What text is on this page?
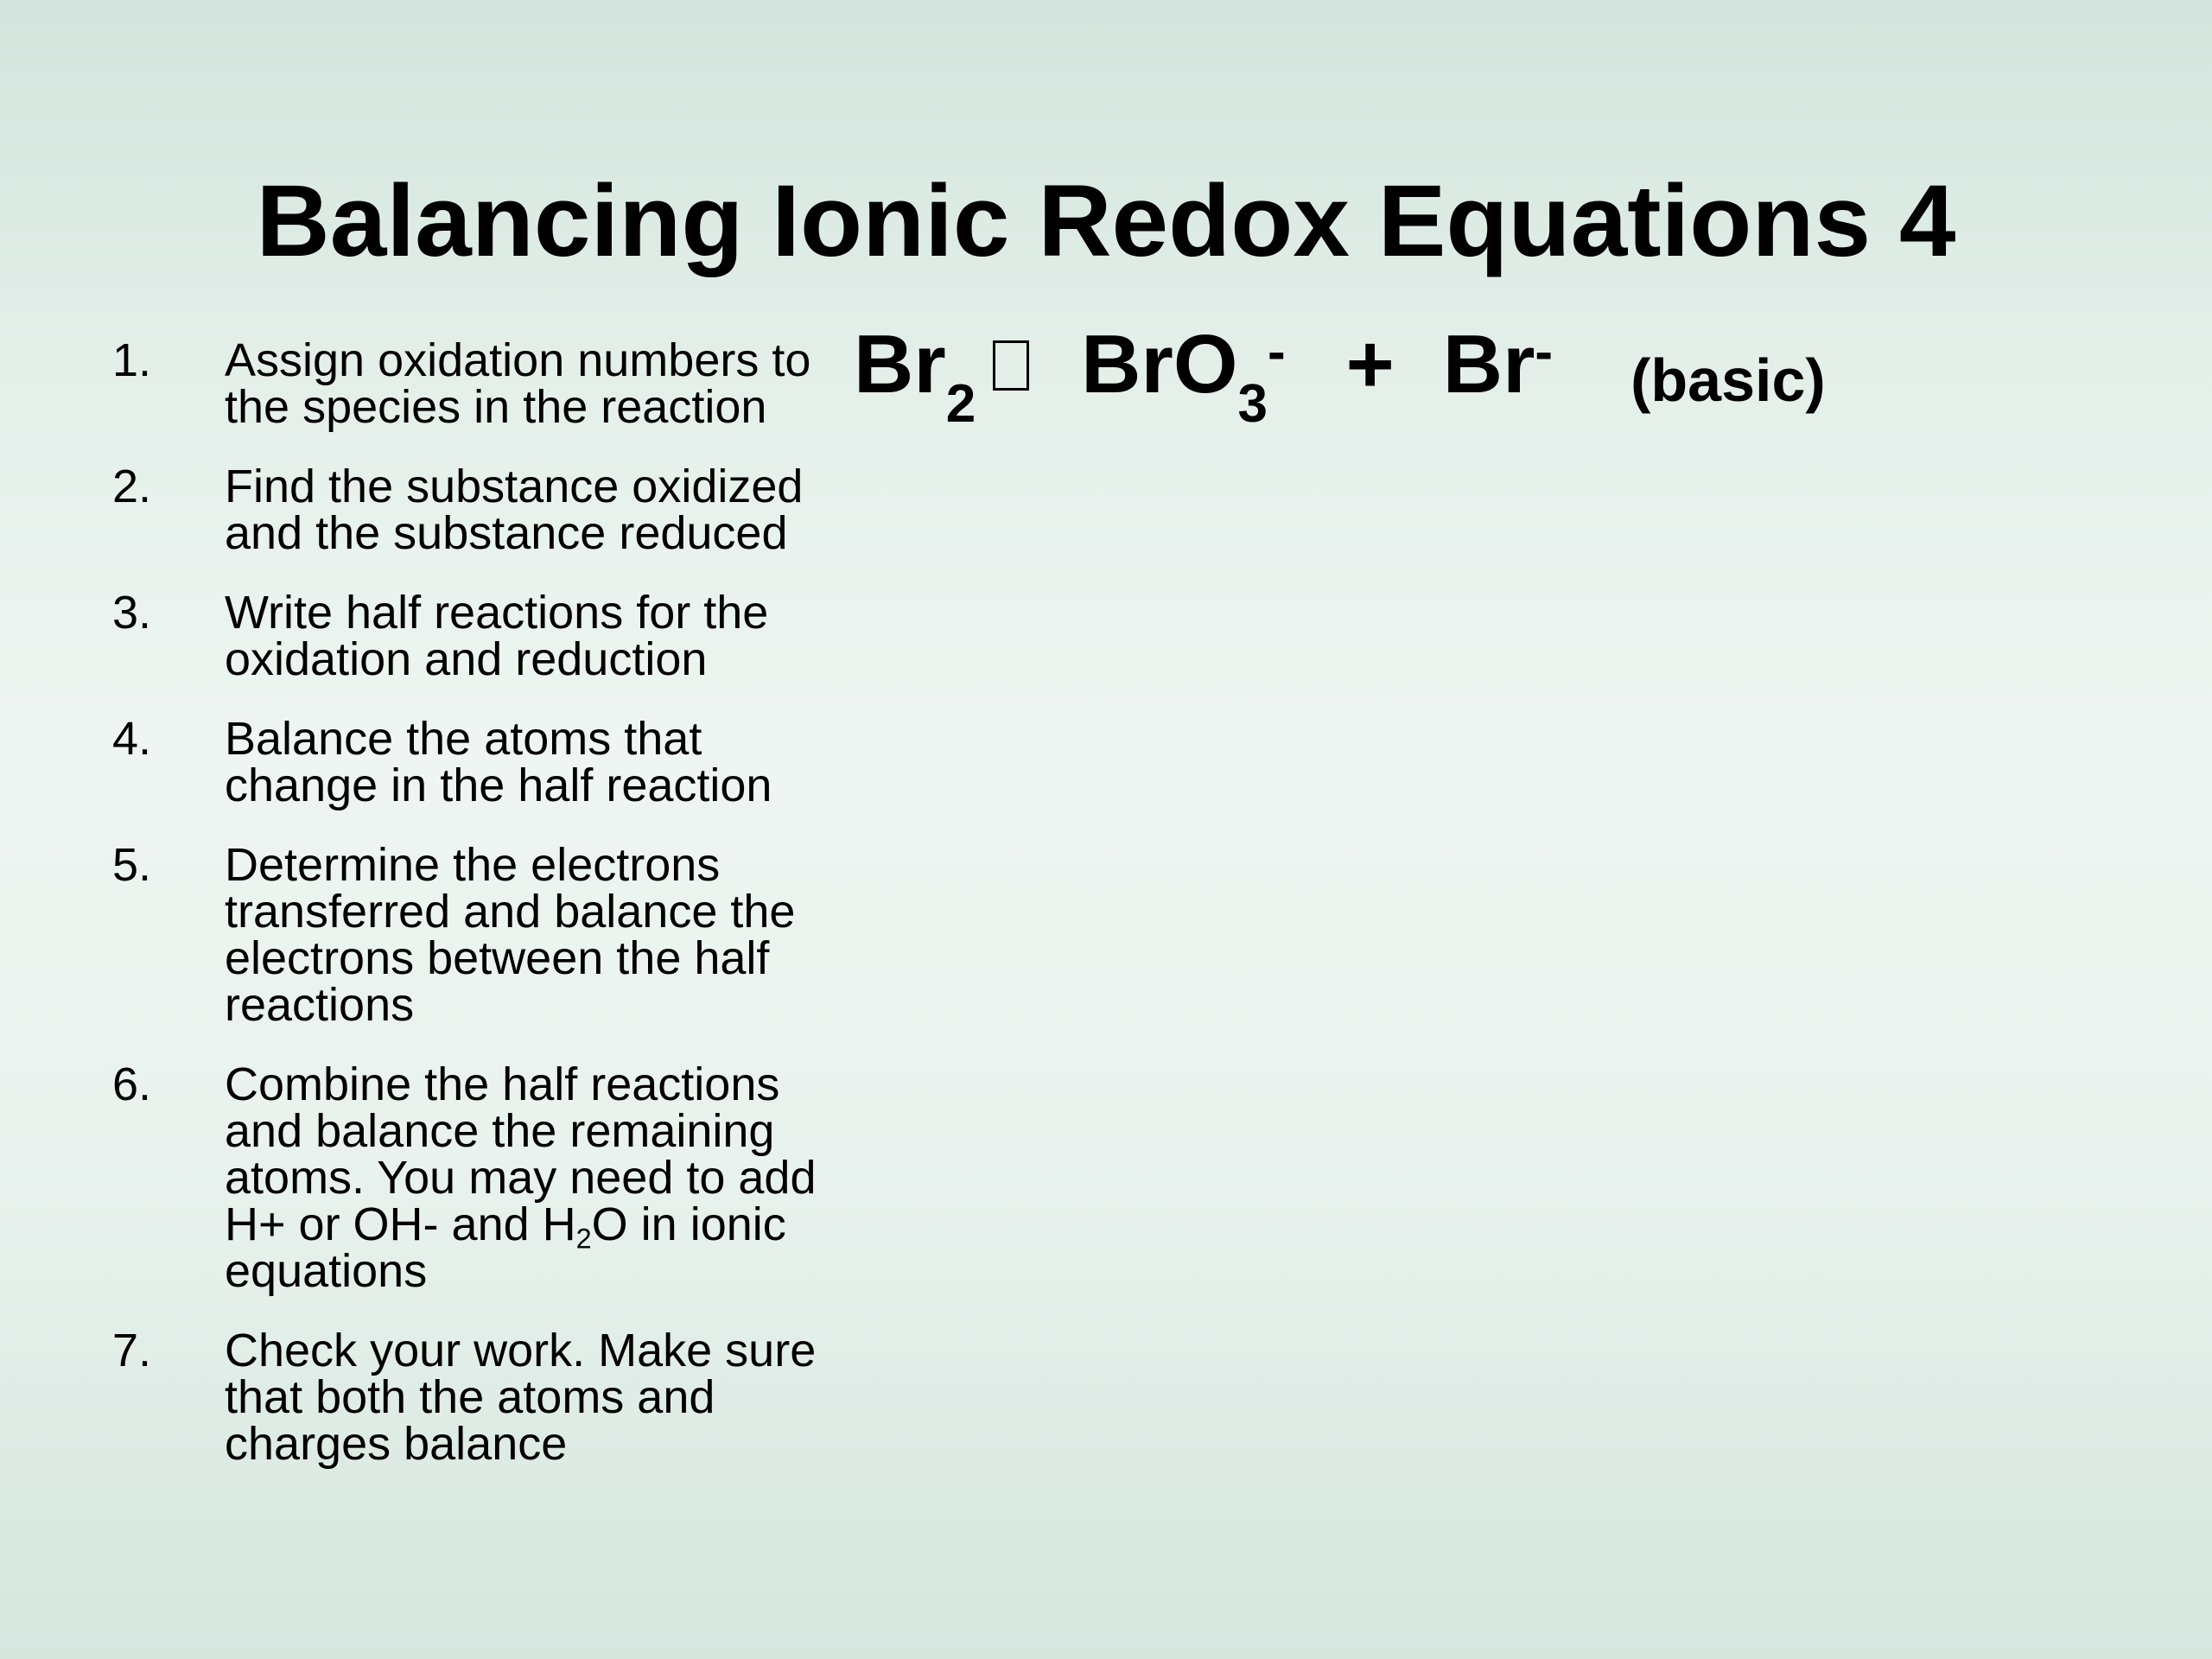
Balancing Ionic Redox Equations 4
$Br_2$ BrO$_3$- + Br- (basic)
1.	Assign oxidation numbers to the species in the reaction
2.	Find the substance oxidized and the substance reduced
3.	Write half reactions for the oxidation and reduction
4.	Balance the atoms that change in the half reaction
5.	Determine the electrons transferred and balance the electrons between the half reactions
6.	Combine the half reactions and balance the remaining atoms. You may need to add H+ or OH- and $H_2O$ in ionic equations
7.	Check your work. Make sure that both the atoms and charges balance
